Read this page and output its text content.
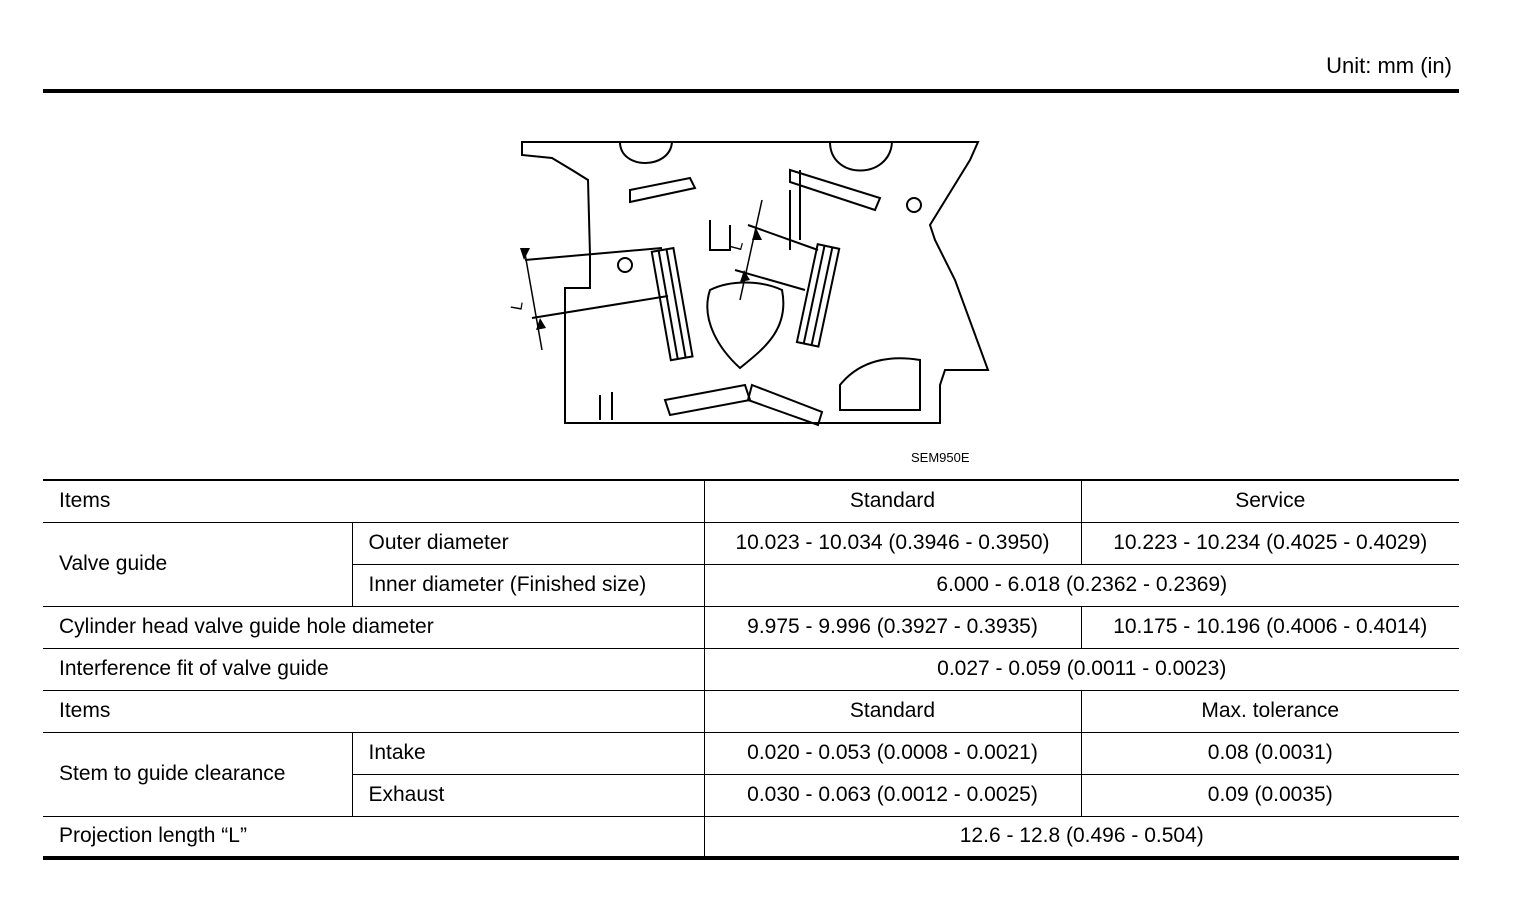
Unit: mm (in)
L
L
SEM950E
Items		Standard	Service
Valve guide	Outer diameter	10.023 - 10.034 (0.3946 - 0.3950)	10.223 - 10.234 (0.4025 - 0.4029)
	Inner diameter (Finished size)	6.000 - 6.018 (0.2362 - 0.2369)	
Cylinder head valve guide hole diameter		9.975 - 9.996 (0.3927 - 0.3935)	10.175 - 10.196 (0.4006 - 0.4014)
Interference fit of valve guide		0.027 - 0.059 (0.0011 - 0.0023)	
Items		Standard	Max. tolerance
Stem to guide clearance	Intake	0.020 - 0.053 (0.0008 - 0.0021)	0.08 (0.0031)
	Exhaust	0.030 - 0.063 (0.0012 - 0.0025)	0.09 (0.0035)
Projection length “L”		12.6 - 12.8 (0.496 - 0.504)	
